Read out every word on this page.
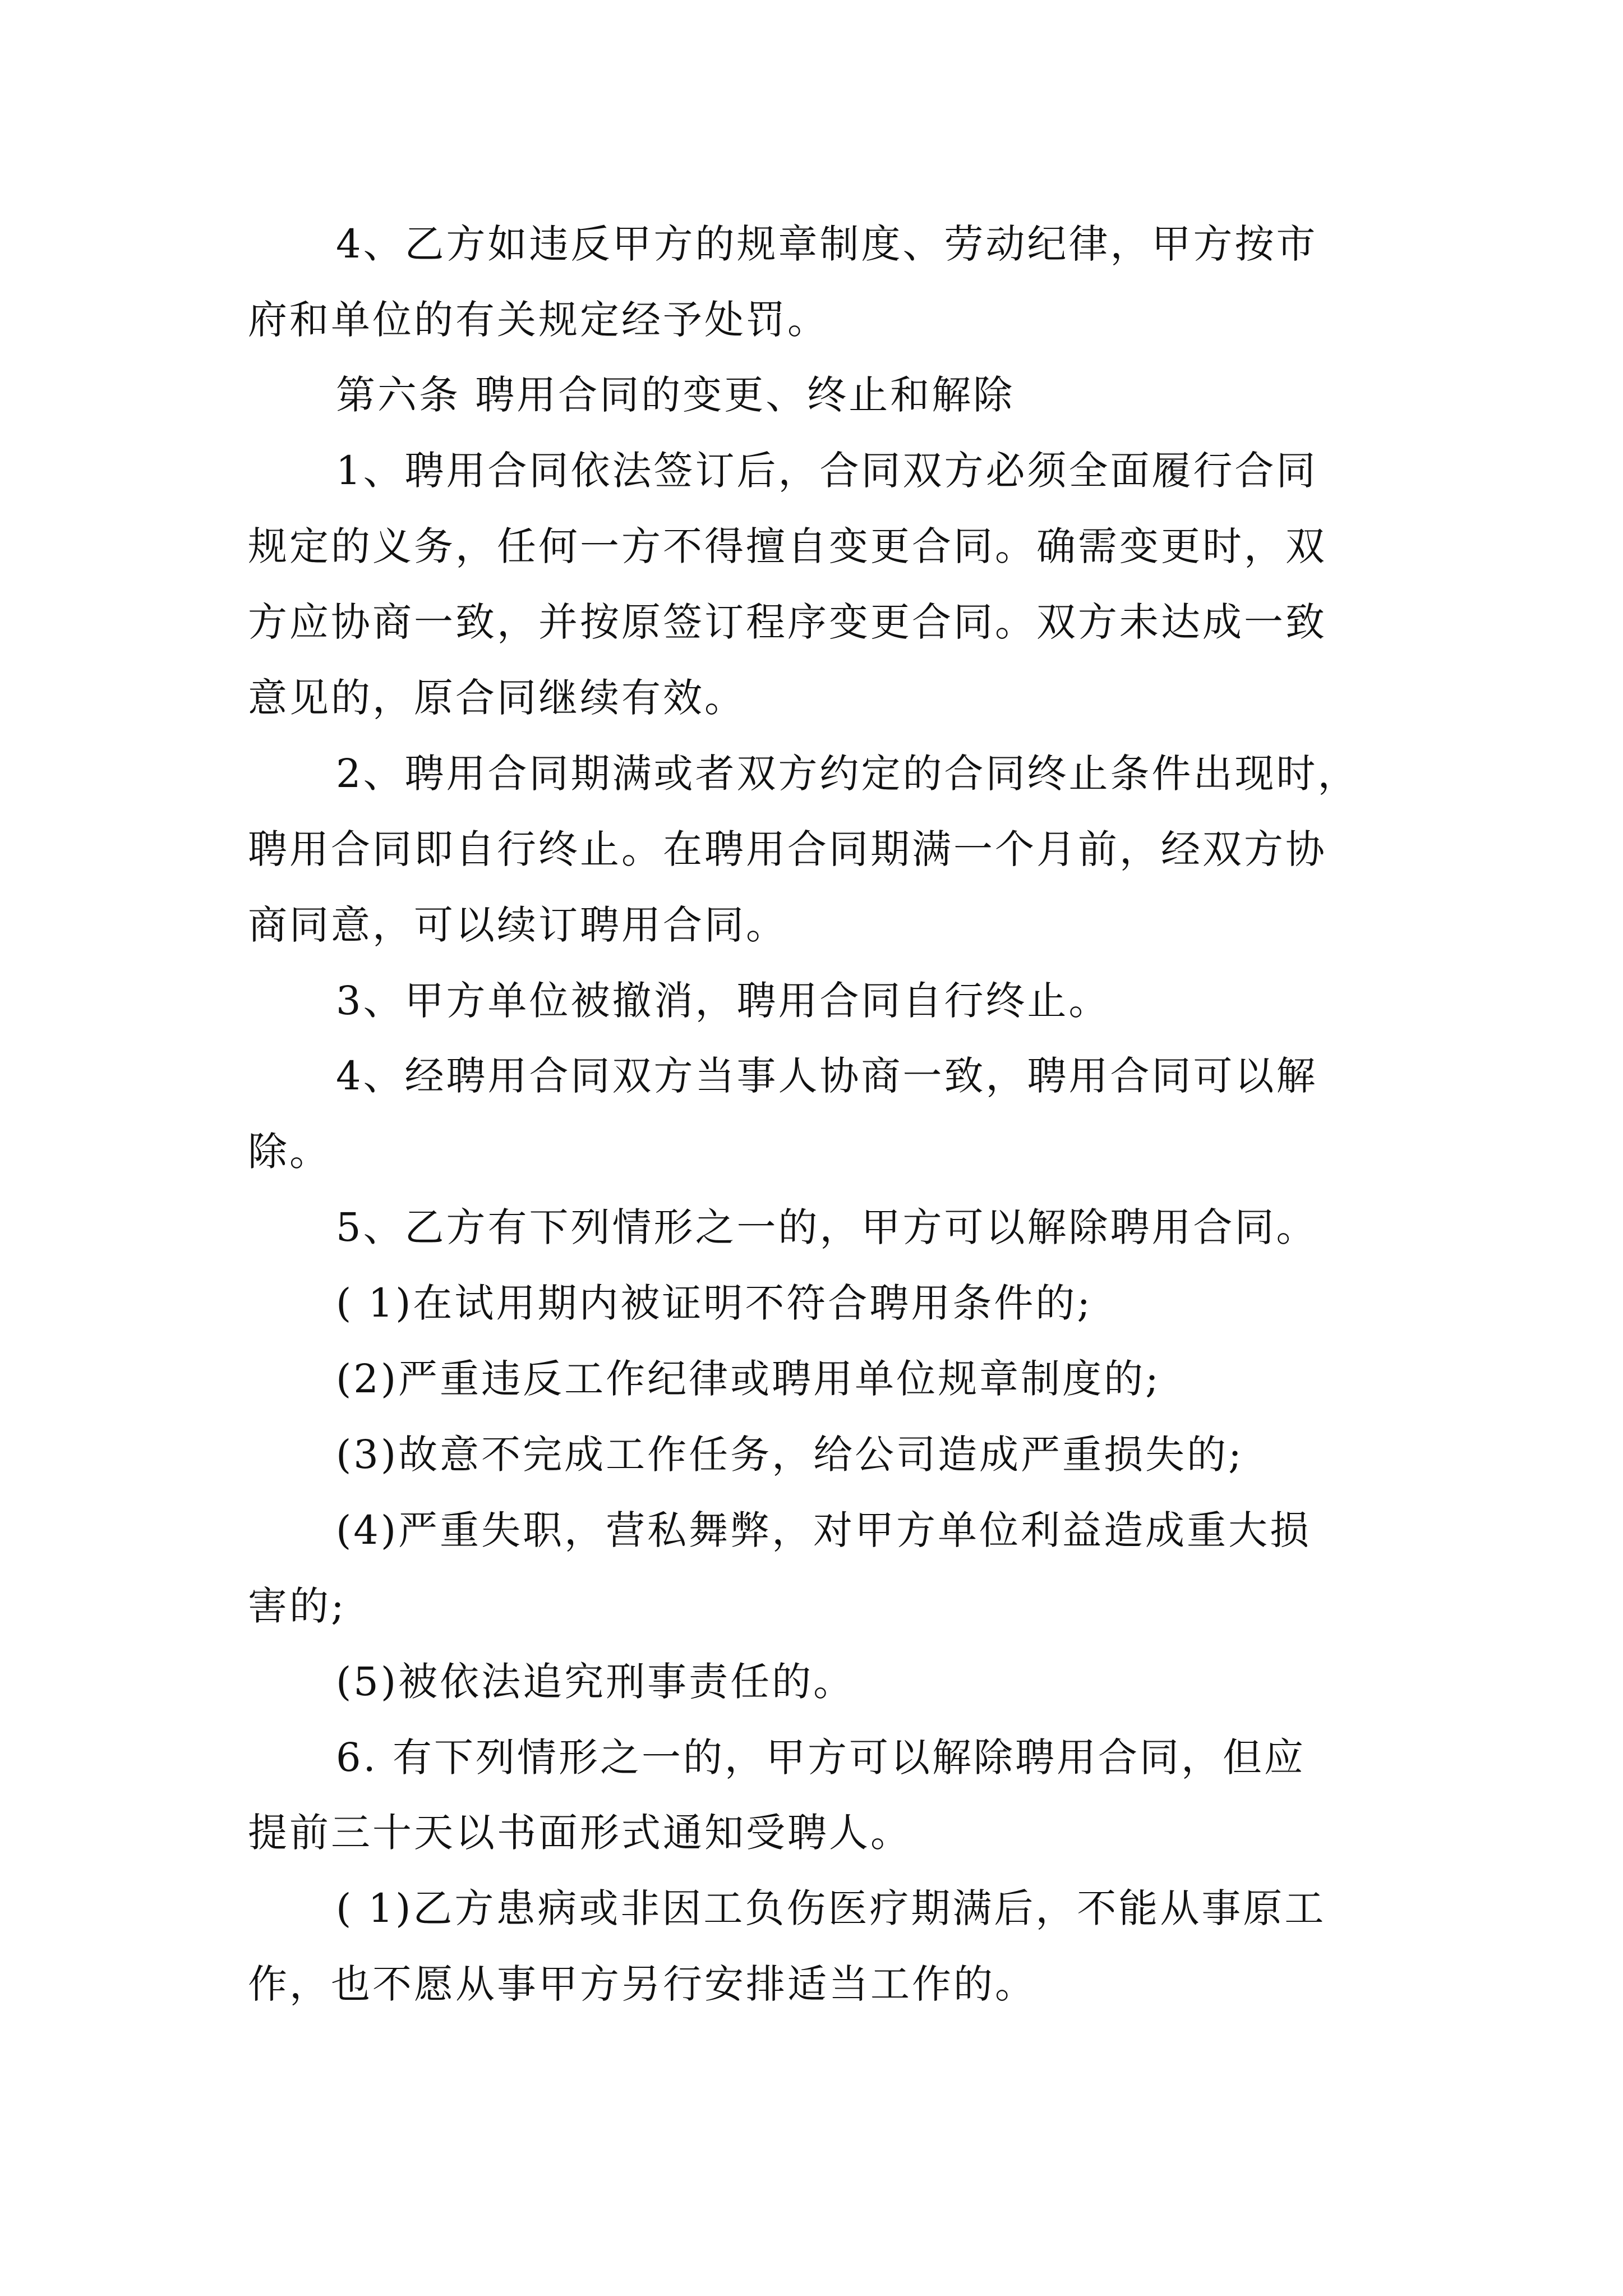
4、乙方如违反甲方的规章制度、劳动纪律，甲方按市
府和单位的有关规定经予处罚。
第六条 聘用合同的变更、终止和解除
1、聘用合同依法签订后，合同双方必须全面履行合同
规定的义务，任何一方不得擅自变更合同。确需变更时，双
方应协商一致，并按原签订程序变更合同。双方未达成一致
意见的，原合同继续有效。
2、聘用合同期满或者双方约定的合同终止条件出现时，
聘用合同即自行终止。在聘用合同期满一个月前，经双方协
商同意，可以续订聘用合同。
3、甲方单位被撤消，聘用合同自行终止。
4、经聘用合同双方当事人协商一致，聘用合同可以解
除。
5、乙方有下列情形之一的，甲方可以解除聘用合同。
( 1)在试用期内被证明不符合聘用条件的;
(2)严重违反工作纪律或聘用单位规章制度的;
(3)故意不完成工作任务，给公司造成严重损失的;
(4)严重失职，营私舞弊，对甲方单位利益造成重大损
害的;
(5)被依法追究刑事责任的。
6. 有下列情形之一的，甲方可以解除聘用合同，但应
提前三十天以书面形式通知受聘人。
( 1)乙方患病或非因工负伤医疗期满后，不能从事原工
作，也不愿从事甲方另行安排适当工作的。
